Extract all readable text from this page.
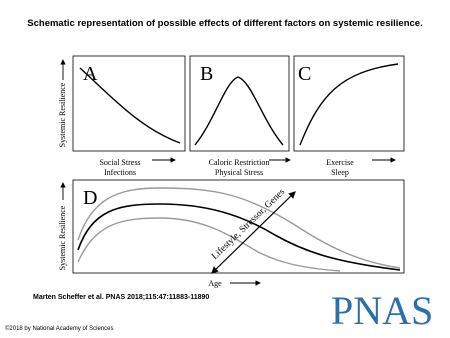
Schematic representation of possible effects of different factors on systemic resilience.
A
Social Stress
Infections
B
Caloric Restriction
Physical Stress
C
Exercise
Sleep
Systemic Resilience
D	Lifestyle, Stressor, Genes
Age
Systemic Resilience
Marten Scheffer et al. PNAS 2018;115:47:11883-11890	PNAS
©2018 by National Academy of Sciences
